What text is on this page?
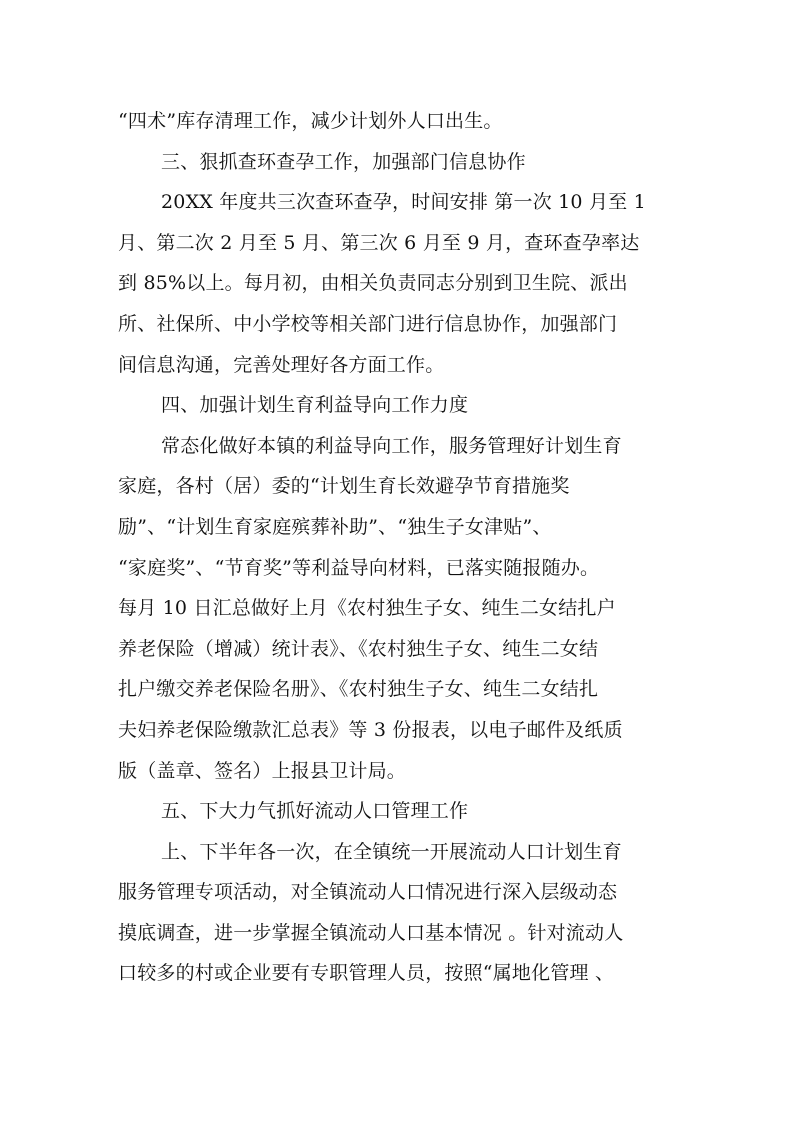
“四术”库存清理工作，减少计划外人口出生。
三、狠抓查环查孕工作，加强部门信息协作
20XX 年度共三次查环查孕，时间安排 第一次 10 月至 1
月、第二次 2 月至 5 月、第三次 6 月至 9 月，查环查孕率达
到 85%以上。每月初，由相关负责同志分别到卫生院、派出
所、社保所、中小学校等相关部门进行信息协作，加强部门
间信息沟通，完善处理好各方面工作。
四、加强计划生育利益导向工作力度
常态化做好本镇的利益导向工作，服务管理好计划生育
家庭，各村（居）委的“计划生育长效避孕节育措施奖
励”、“计划生育家庭殡葬补助”、“独生子女津贴”、
“家庭奖”、“节育奖”等利益导向材料，已落实随报随办。
每月 10 日汇总做好上月《农村独生子女、纯生二女结扎户
养老保险（增减）统计表》、《农村独生子女、纯生二女结
扎户缴交养老保险名册》、《农村独生子女、纯生二女结扎
夫妇养老保险缴款汇总表》等 3 份报表，以电子邮件及纸质
版（盖章、签名）上报县卫计局。
五、下大力气抓好流动人口管理工作
上、下半年各一次，在全镇统一开展流动人口计划生育
服务管理专项活动，对全镇流动人口情况进行深入层级动态
摸底调查，进一步掌握全镇流动人口基本情况 。针对流动人
口较多的村或企业要有专职管理人员，按照“属地化管理 、
